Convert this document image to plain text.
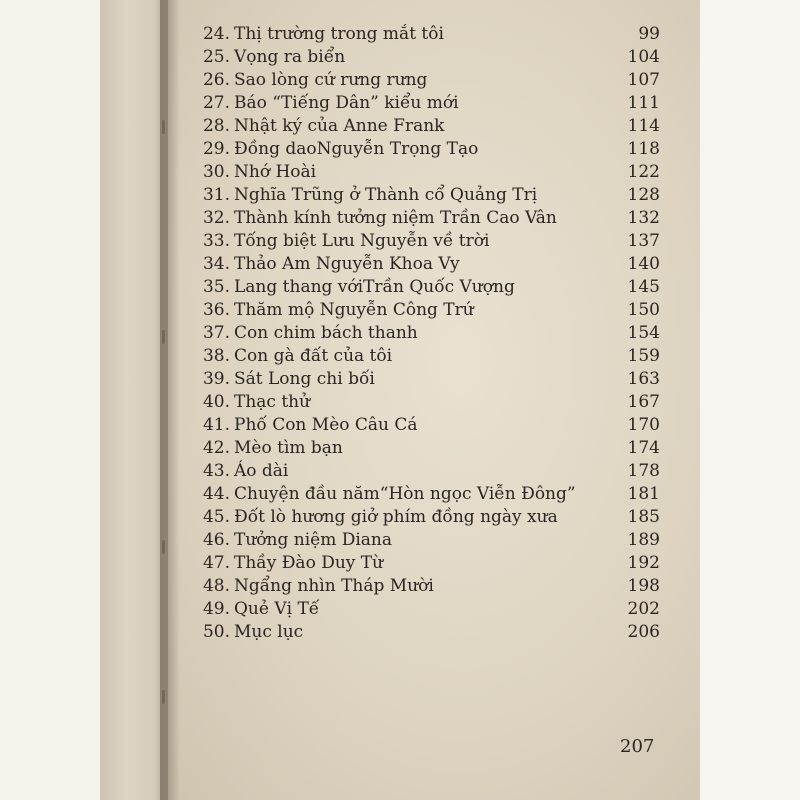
24. Thị trường trong mắt tôi	99
25. Vọng ra biển	104
26. Sao lòng cứ rưng rưng	107
27. Báo “Tiếng Dân” kiểu mới	111
28. Nhật ký của Anne Frank	114
29. Đồng daoNguyễn Trọng Tạo	118
30. Nhớ Hoài	122
31. Nghĩa Trũng ở Thành cổ Quảng Trị	128
32. Thành kính tưởng niệm Trần Cao Vân	132
33. Tống biệt Lưu Nguyễn về trời	137
34. Thảo Am Nguyễn Khoa Vy	140
35. Lang thang vớiTrần Quốc Vượng	145
36. Thăm mộ Nguyễn Công Trứ	150
37. Con chim bách thanh	154
38. Con gà đất của tôi	159
39. Sát Long chi bối	163
40. Thạc thử	167
41. Phố Con Mèo Câu Cá	170
42. Mèo tìm bạn	174
43. Áo dài	178
44. Chuyện đầu năm“Hòn ngọc Viễn Đông”	181
45. Đốt lò hương giở phím đồng ngày xưa	185
46. Tưởng niệm Diana	189
47. Thầy Đào Duy Từ	192
48. Ngẩng nhìn Tháp Mười	198
49. Quẻ Vị Tế	202
50. Mục lục	206
207
